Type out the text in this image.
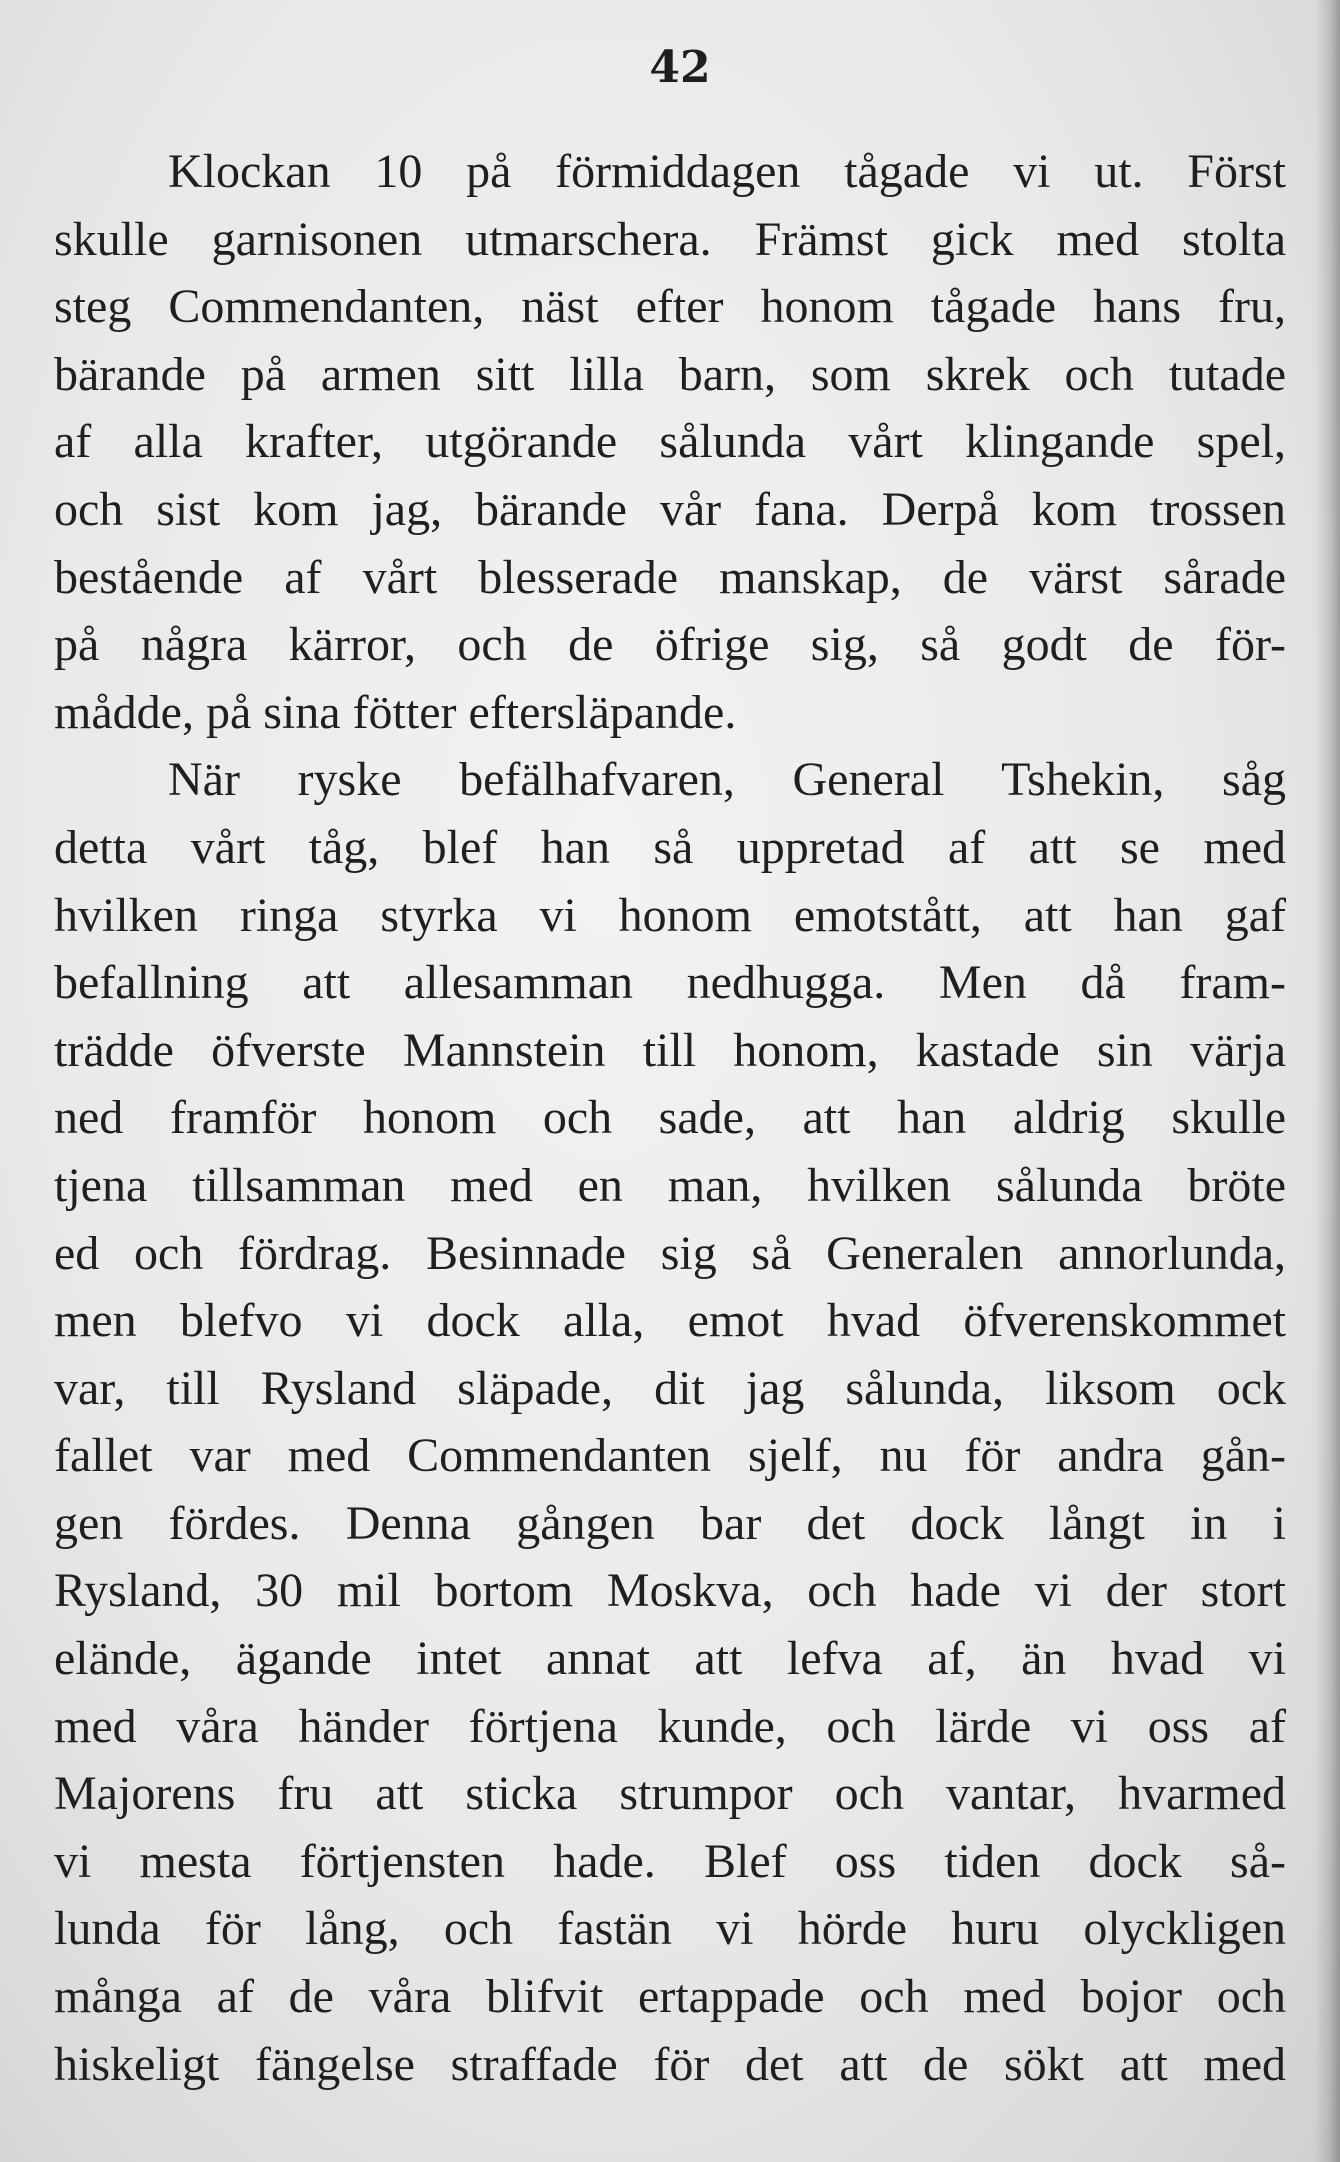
42
Klockan 10 på förmiddagen tågade vi ut. Först
skulle garnisonen utmarschera. Främst gick med stolta
steg Commendanten, näst efter honom tågade hans fru,
bärande på armen sitt lilla barn, som skrek och tutade
af alla krafter, utgörande sålunda vårt klingande spel,
och sist kom jag, bärande vår fana. Derpå kom trossen
bestående af vårt blesserade manskap, de värst sårade
på några kärror, och de öfrige sig, så godt de för-
mådde, på sina fötter eftersläpande.
När ryske befälhafvaren, General Tshekin, såg
detta vårt tåg, blef han så uppretad af att se med
hvilken ringa styrka vi honom emotstått, att han gaf
befallning att allesamman nedhugga. Men då fram-
trädde öfverste Mannstein till honom, kastade sin värja
ned framför honom och sade, att han aldrig skulle
tjena tillsamman med en man, hvilken sålunda bröte
ed och fördrag. Besinnade sig så Generalen annorlunda,
men blefvo vi dock alla, emot hvad öfverenskommet
var, till Rysland släpade, dit jag sålunda, liksom ock
fallet var med Commendanten sjelf, nu för andra gån-
gen fördes. Denna gången bar det dock långt in i
Rysland, 30 mil bortom Moskva, och hade vi der stort
elände, ägande intet annat att lefva af, än hvad vi
med våra händer förtjena kunde, och lärde vi oss af
Majorens fru att sticka strumpor och vantar, hvarmed
vi mesta förtjensten hade. Blef oss tiden dock så-
lunda för lång, och fastän vi hörde huru olyckligen
många af de våra blifvit ertappade och med bojor och
hiskeligt fängelse straffade för det att de sökt att med
